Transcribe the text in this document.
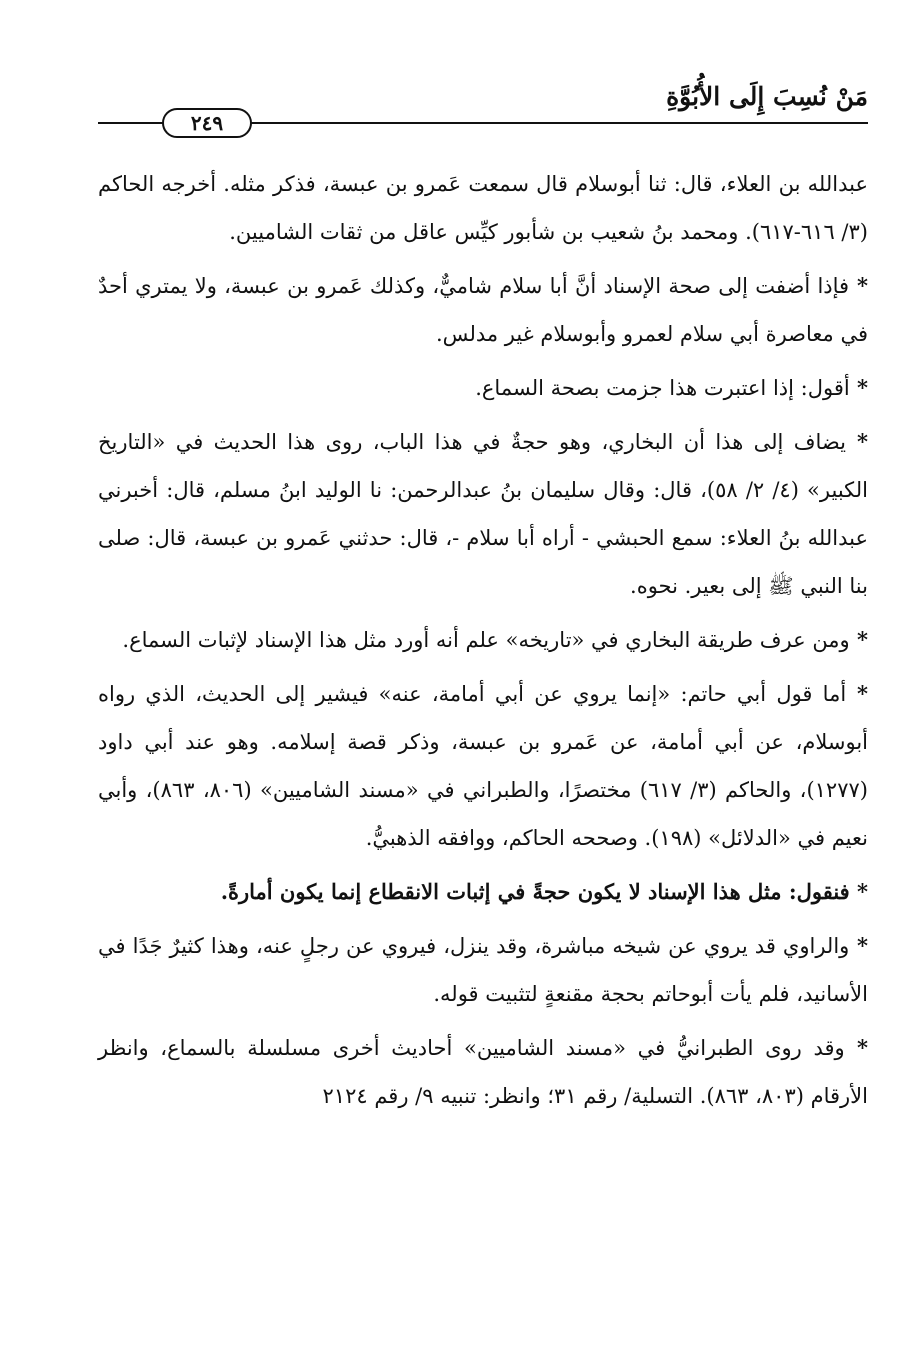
مَنْ نُسِبَ إِلَى الأُبُوَّةِ
٢٤٩

عبدالله بن العلاء، قال: ثنا أبوسلام قال سمعت عَمرو بن عبسة، فذكر مثله. أخرجه الحاكم (٣/ ٦١٦-٦١٧). ومحمد بنُ شعيب بن شأبور كيِّس عاقل من ثقات الشاميين.

* فإذا أضفت إلى صحة الإسناد أنَّ أبا سلام شاميٌّ، وكذلك عَمرو بن عبسة، ولا يمتري أحدٌ في معاصرة أبي سلام لعمرو وأبوسلام غير مدلس.

* أقول: إذا اعتبرت هذا جزمت بصحة السماع.

* يضاف إلى هذا أن البخاري، وهو حجةٌ في هذا الباب، روى هذا الحديث في «التاريخ الكبير» (٤/ ٢/ ٥٨)، قال: وقال سليمان بنُ عبدالرحمن: نا الوليد ابنُ مسلم، قال: أخبرني عبدالله بنُ العلاء: سمع الحبشي - أراه أبا سلام -، قال: حدثني عَمرو بن عبسة، قال: صلى بنا النبي ﷺ إلى بعير. نحوه.

* ومن عرف طريقة البخاري في «تاريخه» علم أنه أورد مثل هذا الإسناد لإثبات السماع.

* أما قول أبي حاتم: «إنما يروي عن أبي أمامة، عنه» فيشير إلى الحديث، الذي رواه أبوسلام، عن أبي أمامة، عن عَمرو بن عبسة، وذكر قصة إسلامه. وهو عند أبي داود (١٢٧٧)، والحاكم (٣/ ٦١٧) مختصرًا، والطبراني في «مسند الشاميين» (٨٠٦، ٨٦٣)، وأبي نعيم في «الدلائل» (١٩٨). وصححه الحاكم، ووافقه الذهبيُّ.

* فنقول: مثل هذا الإسناد لا يكون حجةً في إثبات الانقطاع إنما يكون أمارةً.

* والراوي قد يروي عن شيخه مباشرة، وقد ينزل، فيروي عن رجلٍ عنه، وهذا كثيرٌ جَدًا في الأسانيد، فلم يأت أبوحاتم بحجة مقنعةٍ لتثبيت قوله.

* وقد روى الطبرانيُّ في «مسند الشاميين» أحاديث أخرى مسلسلة بالسماع، وانظر الأرقام (٨٠٣، ٨٦٣). التسلية/ رقم ٣١؛ وانظر: تنبيه ٩/ رقم ٢١٢٤
